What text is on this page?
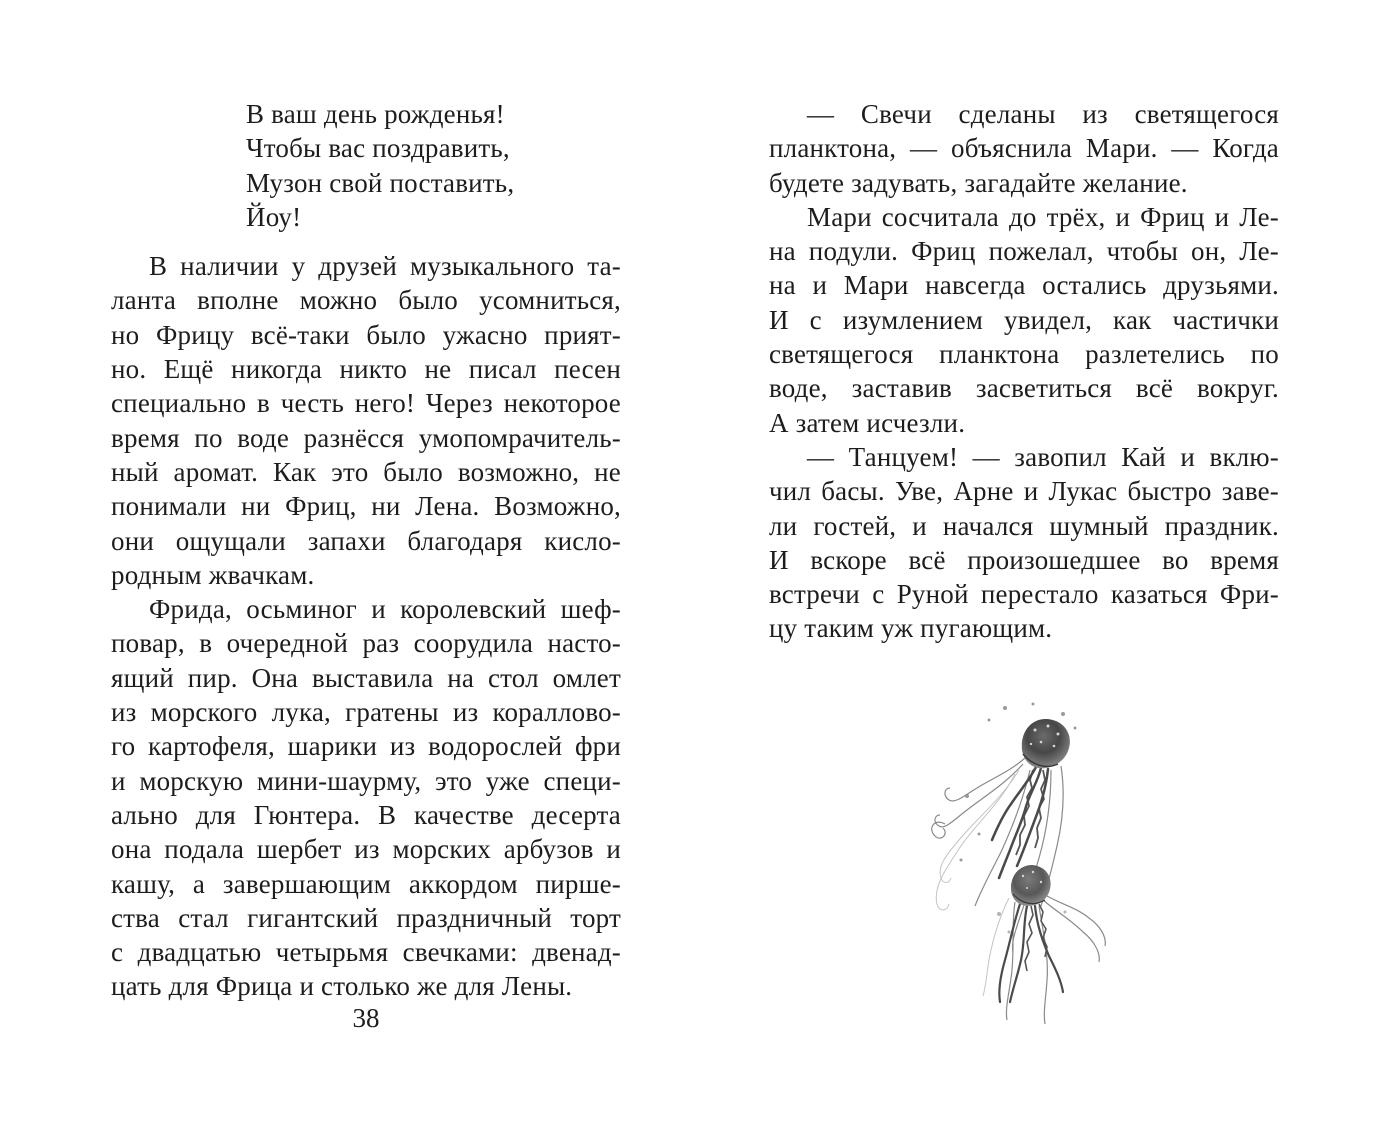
В ваш день рожденья!
Чтобы вас поздравить,
Музон свой поставить,
Йоу!
В наличии у друзей музыкального та-
ланта вполне можно было усомниться,
но Фрицу всё-таки было ужасно прият-
но. Ещё никогда никто не писал песен
специально в честь него! Через некоторое
время по воде разнёсся умопомрачитель-
ный аромат. Как это было возможно, не
понимали ни Фриц, ни Лена. Возможно,
они ощущали запахи благодаря кисло-
родным жвачкам.
Фрида, осьминог и королевский шеф-
повар, в очередной раз соорудила насто-
ящий пир. Она выставила на стол омлет
из морского лука, гратены из кораллово-
го картофеля, шарики из водорослей фри
и морскую мини-шаурму, это уже специ-
ально для Гюнтера. В качестве десерта
она подала шербет из морских арбузов и
кашу, а завершающим аккордом пирше-
ства стал гигантский праздничный торт
с двадцатью четырьмя свечками: двенад-
цать для Фрица и столько же для Лены.
— Свечи сделаны из светящегося
планктона, — объяснила Мари. — Когда
будете задувать, загадайте желание.
Мари сосчитала до трёх, и Фриц и Ле-
на подули. Фриц пожелал, чтобы он, Ле-
на и Мари навсегда остались друзьями.
И с изумлением увидел, как частички
светящегося планктона разлетелись по
воде, заставив засветиться всё вокруг.
А затем исчезли.
— Танцуем! — завопил Кай и вклю-
чил басы. Уве, Арне и Лукас быстро заве-
ли гостей, и начался шумный праздник.
И вскоре всё произошедшее во время
встречи с Руной перестало казаться Фри-
цу таким уж пугающим.
38
